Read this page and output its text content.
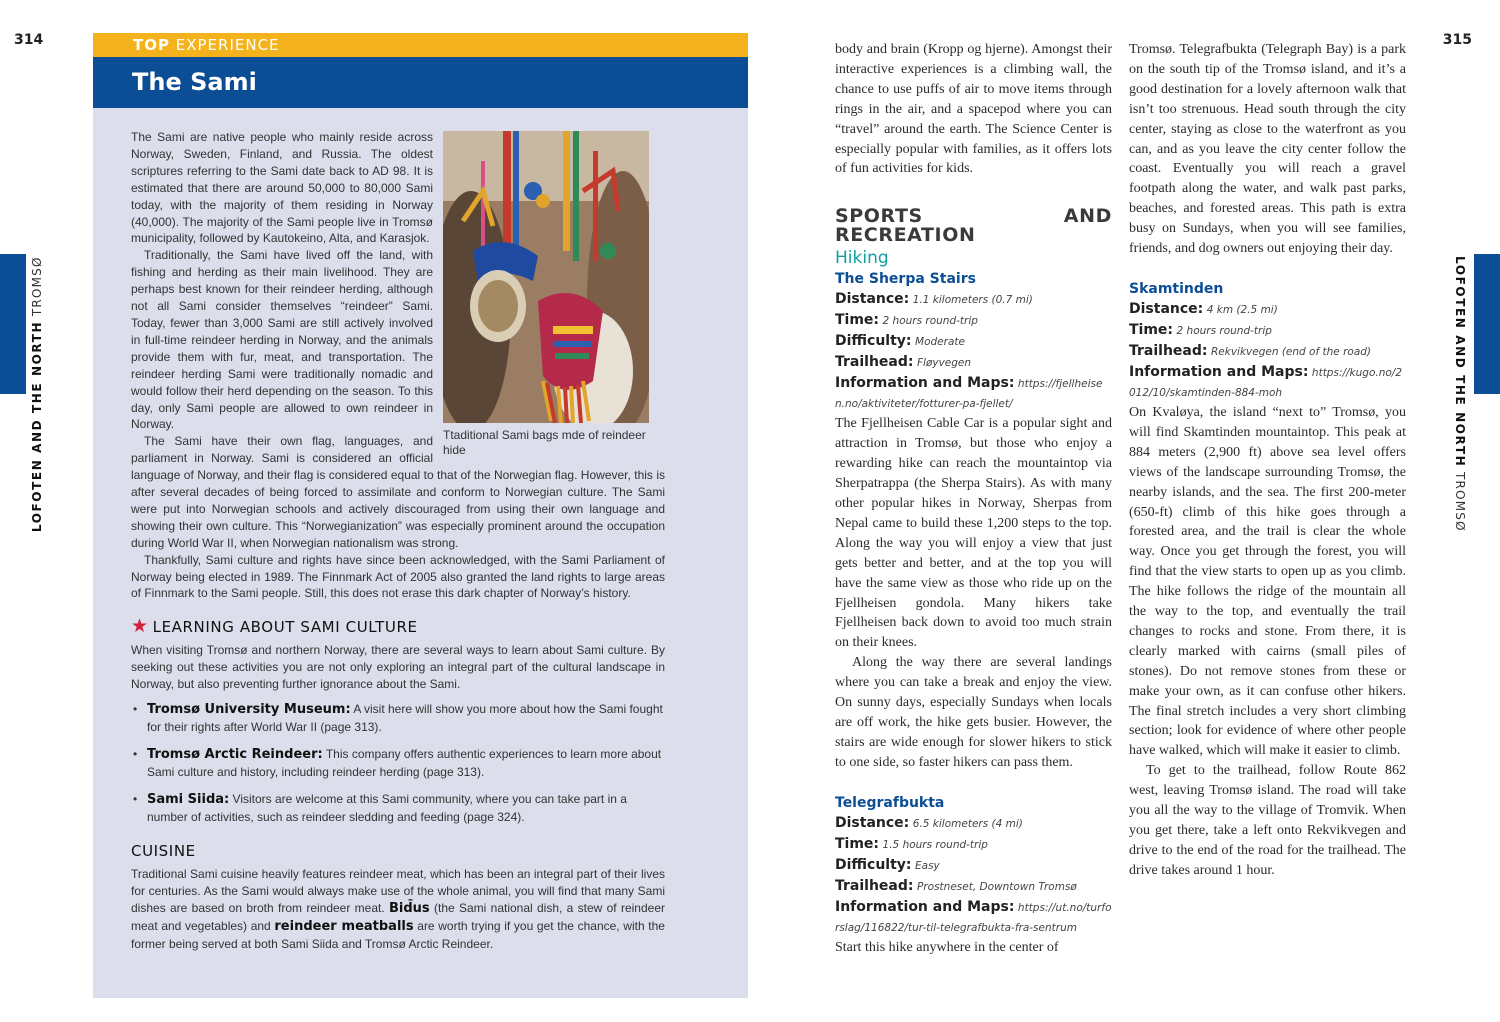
314	315
LOFOTEN AND THE NORTH TROMSØ	LOFOTEN AND THE NORTH TROMSØ
TOP EXPERIENCE
The Sami
Ttaditional Sami bags mde of reindeer hide

The Sami are native people who mainly reside across Norway, Sweden, Finland, and Russia. The oldest scriptures referring to the Sami date back to AD 98. It is estimated that there are around 50,000 to 80,000 Sami today, with the majority of them residing in Norway (40,000). The majority of the Sami people live in Tromsø municipality, followed by Kautokeino, Alta, and Karasjok.

Traditionally, the Sami have lived off the land, with fishing and herding as their main livelihood. They are perhaps best known for their reindeer herding, although not all Sami consider themselves “reindeer” Sami. Today, fewer than 3,000 Sami are still actively involved in full-time reindeer herding in Norway, and the animals provide them with fur, meat, and transportation. The reindeer herding Sami were traditionally nomadic and would follow their herd depending on the season. To this day, only Sami people are allowed to own reindeer in Norway.

The Sami have their own flag, languages, and parliament in Norway. Sami is considered an official language of Norway, and their flag is considered equal to that of the Norwegian flag. However, this is after several decades of being forced to assimilate and conform to Norwegian culture. The Sami were put into Norwegian schools and actively discouraged from using their own language and showing their own culture. This “Norwegianization” was especially prominent around the occupation during World War II, when Norwegian nationalism was strong.

Thankfully, Sami culture and rights have since been acknowledged, with the Sami Parliament of Norway being elected in 1989. The Finnmark Act of 2005 also granted the land rights to large areas of Finnmark to the Sami people. Still, this does not erase this dark chapter of Norway’s history.

★ LEARNING ABOUT SAMI CULTURE

When visiting Tromsø and northern Norway, there are several ways to learn about Sami culture. By seeking out these activities you are not only exploring an integral part of the cultural landscape in Norway, but also preventing further ignorance about the Sami.

• Tromsø University Museum: A visit here will show you more about how the Sami fought for their rights after World War II (page 313).
• Tromsø Arctic Reindeer: This company offers authentic experiences to learn more about Sami culture and history, including reindeer herding (page 313).
• Sami Siida: Visitors are welcome at this Sami community, where you can take part in a number of activities, such as reindeer sledding and feeding (page 324).
CUISINE

Traditional Sami cuisine heavily features reindeer meat, which has been an integral part of their lives for centuries. As the Sami would always make use of the whole animal, you will find that many Sami dishes are based on broth from reindeer meat. Bid̄us (the Sami national dish, a stew of reindeer meat and vegetables) and reindeer meatballs are worth trying if you get the chance, with the former being served at both Sami Siida and Tromsø Arctic Reindeer.

body and brain (Kropp og hjerne). Amongst their interactive experiences is a climbing wall, the chance to use puffs of air to move items through rings in the air, and a spacepod where you can “travel” around the earth. The Science Center is especially popular with families, as it offers lots of fun activities for kids.

SPORTS AND RECREATION
Hiking
The Sherpa Stairs
Distance: 1.1 kilometers (0.7 mi)
Time: 2 hours round-trip
Difficulty: Moderate
Trailhead: Fløyvegen
Information and Maps: https://fjellheisen.no/aktiviteter/fotturer-pa-fjellet/

The Fjellheisen Cable Car is a popular sight and attraction in Tromsø, but those who enjoy a rewarding hike can reach the mountaintop via Sherpatrappa (the Sherpa Stairs). As with many other popular hikes in Norway, Sherpas from Nepal came to build these 1,200 steps to the top. Along the way you will enjoy a view that just gets better and better, and at the top you will have the same view as those who ride up on the Fjellheisen gondola. Many hikers take Fjellheisen back down to avoid too much strain on their knees.

Along the way there are several landings where you can take a break and enjoy the view. On sunny days, especially Sundays when locals are off work, the hike gets busier. However, the stairs are wide enough for slower hikers to stick to one side, so faster hikers can pass them.

Telegrafbukta
Distance: 6.5 kilometers (4 mi)
Time: 1.5 hours round-trip
Difficulty: Easy
Trailhead: Prostneset, Downtown Tromsø
Information and Maps: https://ut.no/turforslag/116822/tur-til-telegrafbukta-fra-sentrum

Start this hike anywhere in the center of

Tromsø. Telegrafbukta (Telegraph Bay) is a park on the south tip of the Tromsø island, and it’s a good destination for a lovely afternoon walk that isn’t too strenuous. Head south through the city center, staying as close to the waterfront as you can, and as you leave the city center follow the coast. Eventually you will reach a gravel footpath along the water, and walk past parks, beaches, and forested areas. This path is extra busy on Sundays, when you will see families, friends, and dog owners out enjoying their day.

Skamtinden
Distance: 4 km (2.5 mi)
Time: 2 hours round-trip
Trailhead: Rekvikvegen (end of the road)
Information and Maps: https://kugo.no/2012/10/skamtinden-884-moh

On Kvaløya, the island “next to” Tromsø, you will find Skamtinden mountaintop. This peak at 884 meters (2,900 ft) above sea level offers views of the landscape surrounding Tromsø, the nearby islands, and the sea. The first 200-meter (650-ft) climb of this hike goes through a forested area, and the trail is clear the whole way. Once you get through the forest, you will find that the view starts to open up as you climb. The hike follows the ridge of the mountain all the way to the top, and eventually the trail changes to rocks and stone. From there, it is clearly marked with cairns (small piles of stones). Do not remove stones from these or make your own, as it can confuse other hikers. The final stretch includes a very short climbing section; look for evidence of where other people have walked, which will make it easier to climb.

To get to the trailhead, follow Route 862 west, leaving Tromsø island. The road will take you all the way to the village of Tromvik. When you get there, take a left onto Rekvikvegen and drive to the end of the road for the trailhead. The drive takes around 1 hour.
